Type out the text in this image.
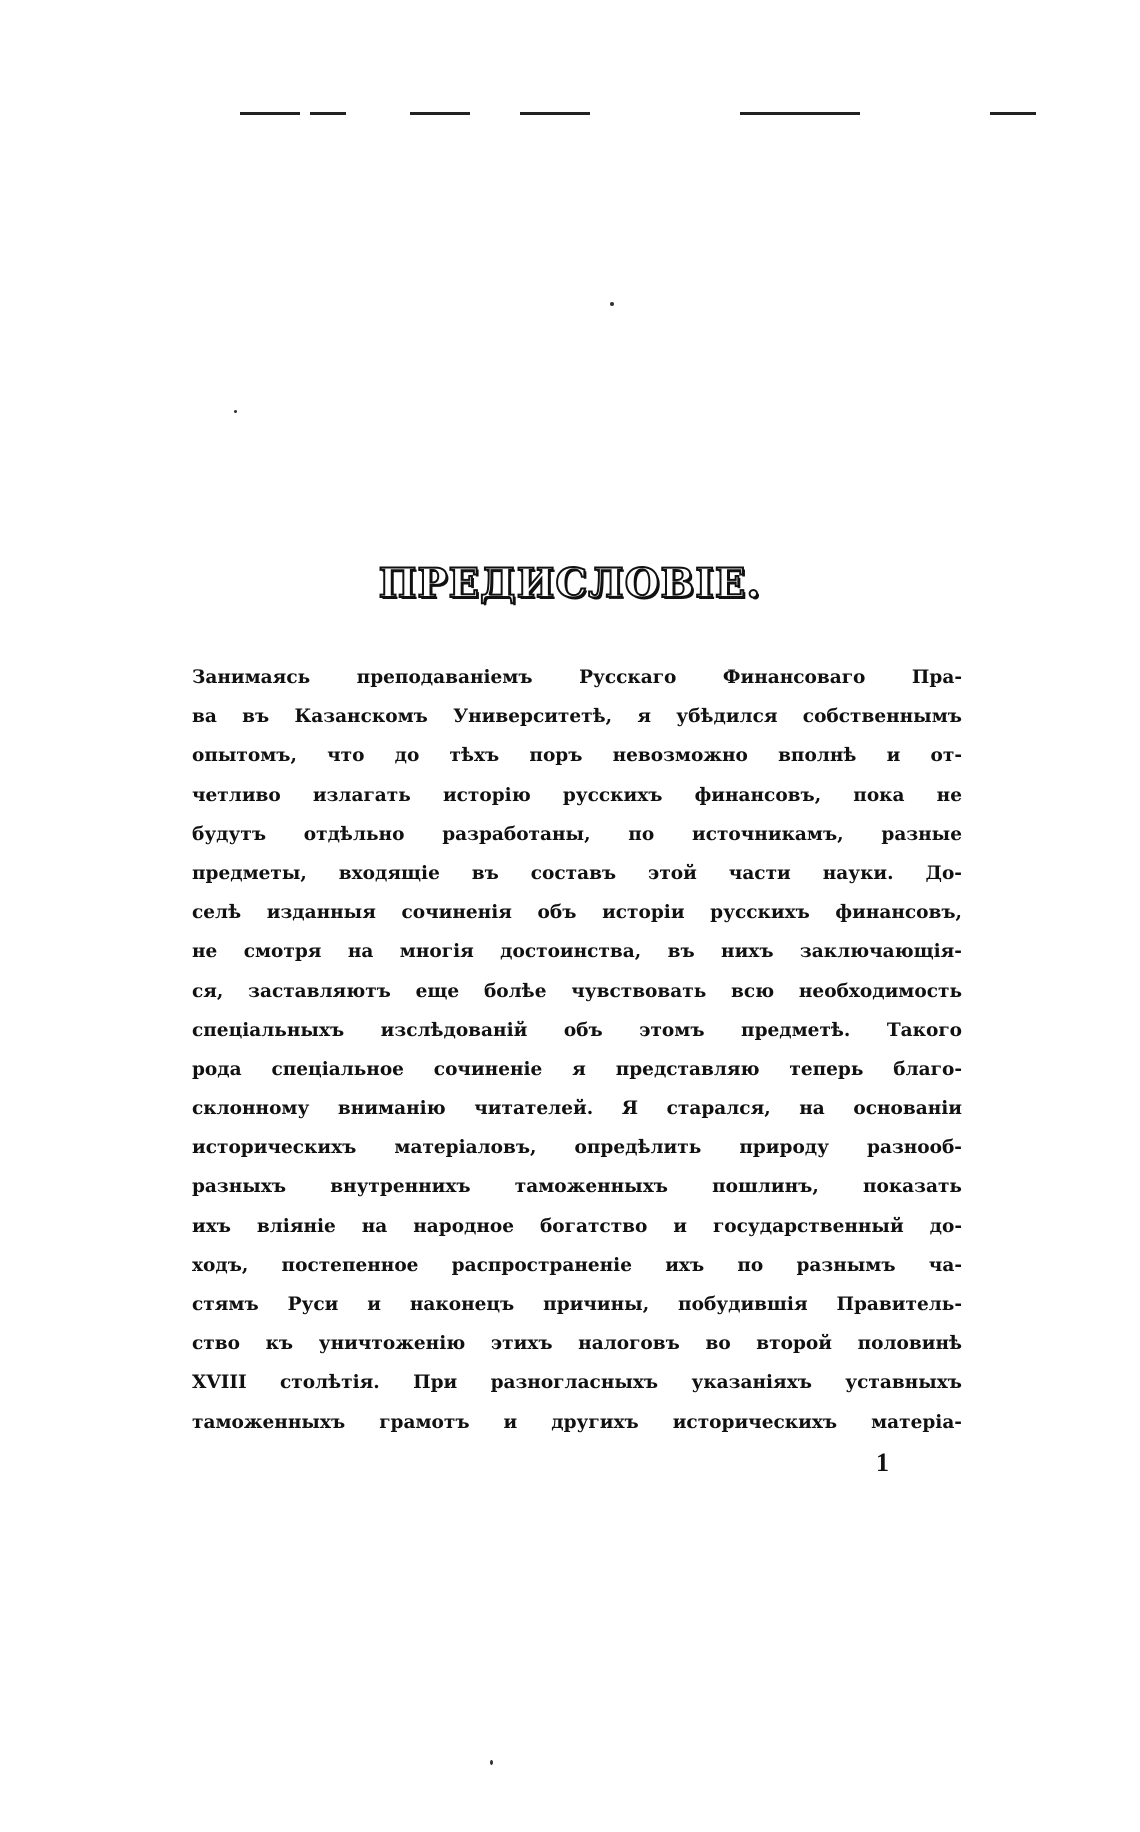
ПРЕДИСЛОВІЕ.
Занимаясь преподаваніемъ Русскаго Финансоваго Пра-
ва въ Казанскомъ Университетѣ, я убѣдился собственнымъ
опытомъ, что до тѣхъ поръ невозможно вполнѣ и от-
четливо излагать исторію русскихъ финансовъ, пока не
будутъ отдѣльно разработаны, по источникамъ, разные
предметы, входящіе въ составъ этой части науки. До-
селѣ изданныя сочиненія объ исторіи русскихъ финансовъ,
не смотря на многія достоинства, въ нихъ заключающія-
ся, заставляютъ еще болѣе чувствовать всю необходимость
спеціальныхъ изслѣдованій объ этомъ предметѣ. Такого
рода спеціальное сочиненіе я представляю теперь благо-
склонному вниманію читателей. Я старался, на основаніи
историческихъ матеріаловъ, опредѣлить природу разнооб-
разныхъ внутреннихъ таможенныхъ пошлинъ, показать
ихъ вліяніе на народное богатство и государственный до-
ходъ, постепенное распространеніе ихъ по разнымъ ча-
стямъ Руси и наконецъ причины, побудившія Правитель-
ство къ уничтоженію этихъ налоговъ во второй половинѣ
XVIII столѣтія. При разногласныхъ указаніяхъ уставныхъ
таможенныхъ грамотъ и другихъ историческихъ матеріа-
1
